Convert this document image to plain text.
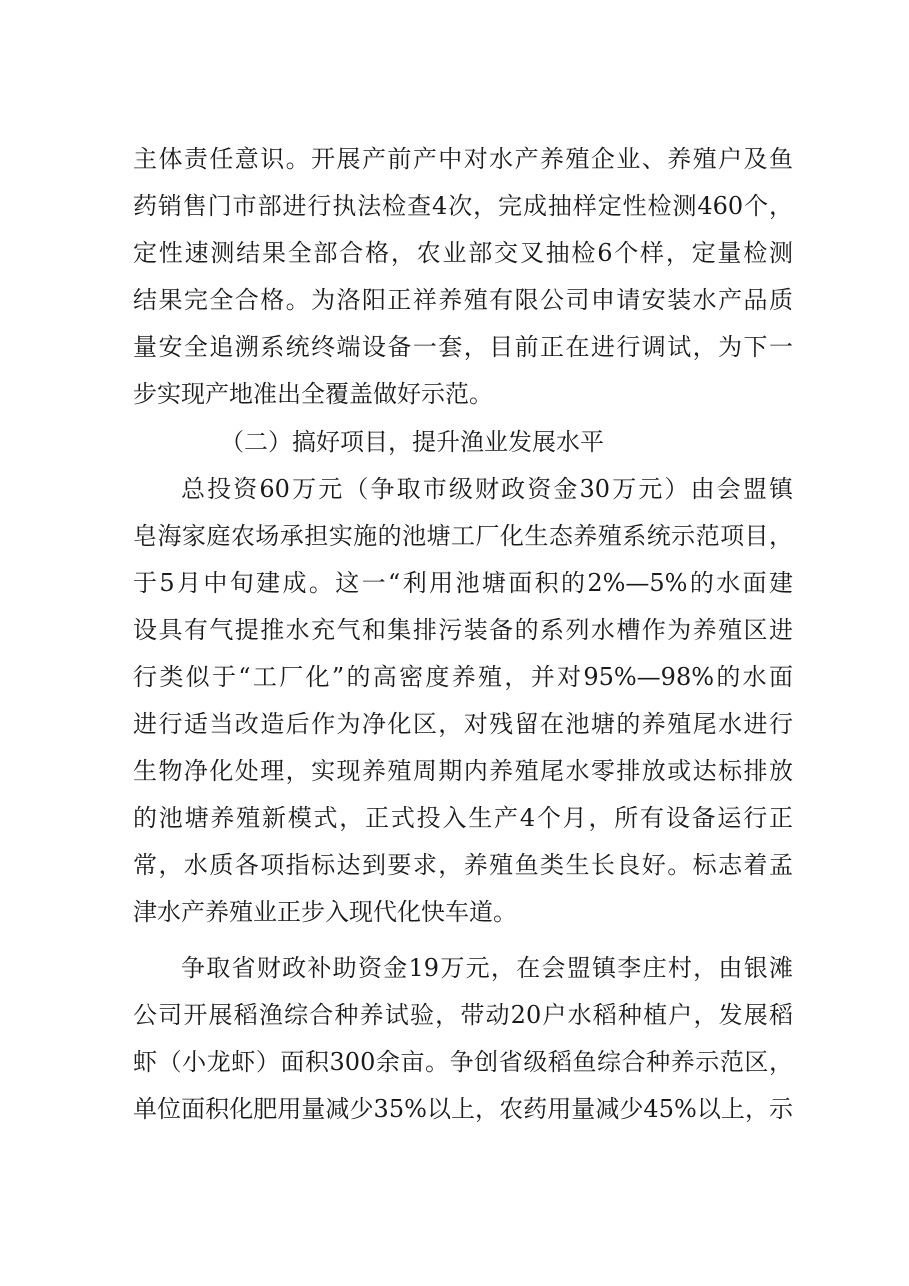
主体责任意识。开展产前产中对水产养殖企业、养殖户及鱼
药销售门市部进行执法检查4次，完成抽样定性检测460个，
定性速测结果全部合格，农业部交叉抽检6个样，定量检测
结果完全合格。为洛阳正祥养殖有限公司申请安装水产品质
量安全追溯系统终端设备一套，目前正在进行调试，为下一
步实现产地准出全覆盖做好示范。
（二）搞好项目，提升渔业发展水平
总投资60万元（争取市级财政资金30万元）由会盟镇
皂海家庭农场承担实施的池塘工厂化生态养殖系统示范项目，
于5月中旬建成。这一“利用池塘面积的2%—5%的水面建
设具有气提推水充气和集排污装备的系列水槽作为养殖区进
行类似于“工厂化”的高密度养殖，并对95%—98%的水面
进行适当改造后作为净化区，对残留在池塘的养殖尾水进行
生物净化处理，实现养殖周期内养殖尾水零排放或达标排放
的池塘养殖新模式，正式投入生产4个月，所有设备运行正
常，水质各项指标达到要求，养殖鱼类生长良好。标志着孟
津水产养殖业正步入现代化快车道。
争取省财政补助资金19万元，在会盟镇李庄村，由银滩
公司开展稻渔综合种养试验，带动20户水稻种植户，发展稻
虾（小龙虾）面积300余亩。争创省级稻鱼综合种养示范区，
单位面积化肥用量减少35%以上，农药用量减少45%以上，示
